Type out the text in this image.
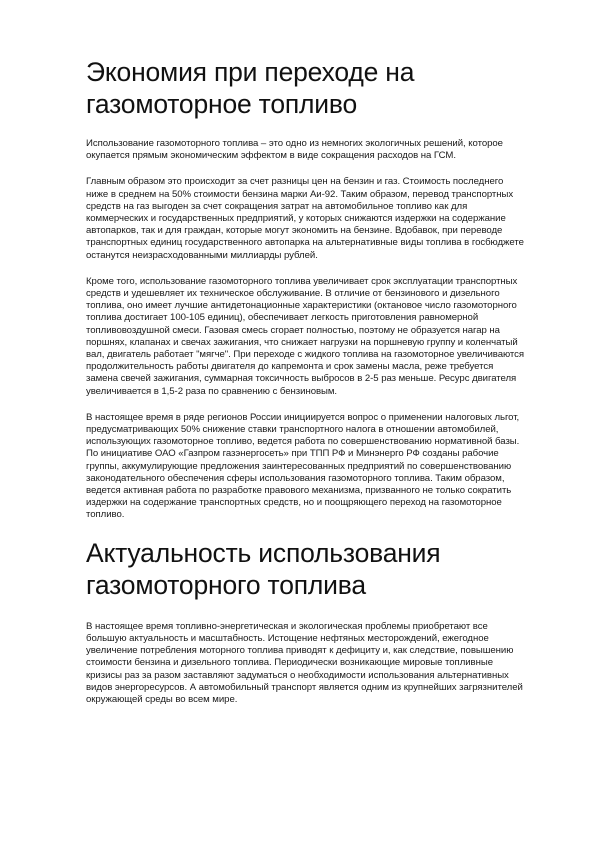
Экономия при переходе на газомоторное топливо

Использование газомоторного топлива – это одно из немногих экологичных решений, которое окупается прямым экономическим эффектом в виде сокращения расходов на ГСМ.

Главным образом это происходит за счет разницы цен на бензин и газ. Стоимость последнего ниже в среднем на 50% стоимости бензина марки Аи-92. Таким образом, перевод транспортных средств на газ выгоден за счет сокращения затрат на автомобильное топливо как для коммерческих и государственных предприятий, у которых снижаются издержки на содержание автопарков, так и для граждан, которые могут экономить на бензине. Вдобавок, при переводе транспортных единиц государственного автопарка на альтернативные виды топлива в госбюджете останутся неизрасходованными миллиарды рублей.

Кроме того, использование газомоторного топлива увеличивает срок эксплуатации транспортных средств и удешевляет их техническое обслуживание. В отличие от бензинового и дизельного топлива, оно имеет лучшие антидетонационные характеристики (октановое число газомоторного топлива достигает 100-105 единиц), обеспечивает легкость приготовления равномерной топливовоздушной смеси. Газовая смесь сгорает полностью, поэтому не образуется нагар на поршнях, клапанах и свечах зажигания, что снижает нагрузки на поршневую группу и коленчатый вал, двигатель работает "мягче". При переходе с жидкого топлива на газомоторное увеличиваются продолжительность работы двигателя до капремонта и срок замены масла, реже требуется замена свечей зажигания, суммарная токсичность выбросов в 2-5 раз меньше. Ресурс двигателя увеличивается в 1,5-2 раза по сравнению с бензиновым.

В настоящее время в ряде регионов России инициируется вопрос о применении налоговых льгот, предусматривающих 50% снижение ставки транспортного налога в отношении автомобилей, использующих газомоторное топливо, ведется работа по совершенствованию нормативной базы. По инициативе ОАО «Газпром газэнергосеть» при ТПП РФ и Минэнерго РФ созданы рабочие группы, аккумулирующие предложения заинтересованных предприятий по совершенствованию законодательного обеспечения сферы использования газомоторного топлива. Таким образом, ведется активная работа по разработке правового механизма, призванного не только сократить издержки на содержание транспортных средств, но и поощряющего переход на газомоторное топливо.

Актуальность использования газомоторного топлива

В настоящее время топливно-энергетическая и экологическая проблемы приобретают все большую актуальность и масштабность. Истощение нефтяных месторождений, ежегодное увеличение потребления моторного топлива приводят к дефициту и, как следствие, повышению стоимости бензина и дизельного топлива. Периодически возникающие мировые топливные кризисы раз за разом заставляют задуматься о необходимости использования альтернативных видов энергоресурсов. А автомобильный транспорт является одним из крупнейших загрязнителей окружающей среды во всем мире.
